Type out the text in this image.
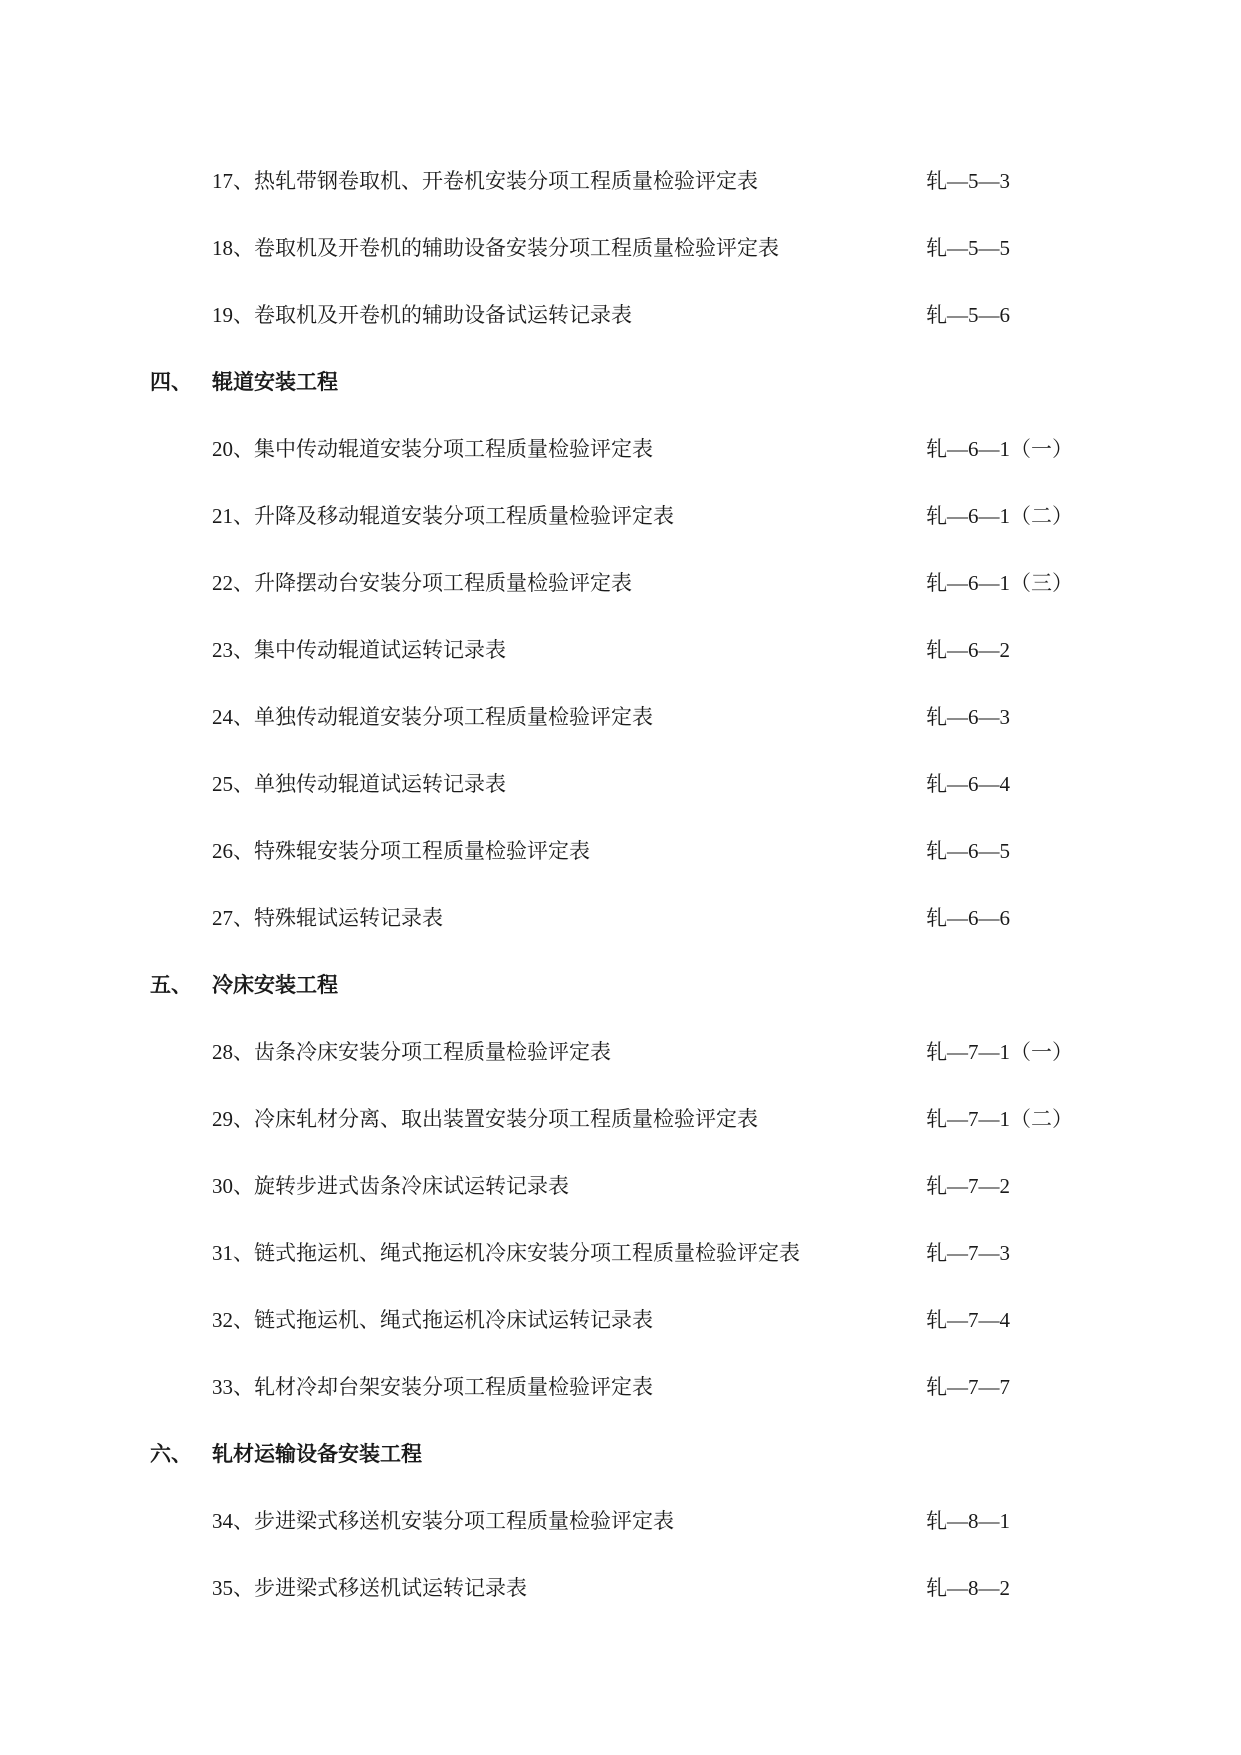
17、热轧带钢卷取机、开卷机安装分项工程质量检验评定表	轧—5—3
18、卷取机及开卷机的辅助设备安装分项工程质量检验评定表	轧—5—5
19、卷取机及开卷机的辅助设备试运转记录表	轧—5—6
四、 辊道安装工程
20、集中传动辊道安装分项工程质量检验评定表	轧—6—1（一）
21、升降及移动辊道安装分项工程质量检验评定表	轧—6—1（二）
22、升降摆动台安装分项工程质量检验评定表	轧—6—1（三）
23、集中传动辊道试运转记录表	轧—6—2
24、单独传动辊道安装分项工程质量检验评定表	轧—6—3
25、单独传动辊道试运转记录表	轧—6—4
26、特殊辊安装分项工程质量检验评定表	轧—6—5
27、特殊辊试运转记录表	轧—6—6
五、 冷床安装工程
28、齿条冷床安装分项工程质量检验评定表	轧—7—1（一）
29、冷床轧材分离、取出装置安装分项工程质量检验评定表	轧—7—1（二）
30、旋转步进式齿条冷床试运转记录表	轧—7—2
31、链式拖运机、绳式拖运机冷床安装分项工程质量检验评定表	轧—7—3
32、链式拖运机、绳式拖运机冷床试运转记录表	轧—7—4
33、轧材冷却台架安装分项工程质量检验评定表	轧—7—7
六、 轧材运输设备安装工程
34、步进梁式移送机安装分项工程质量检验评定表	轧—8—1
35、步进梁式移送机试运转记录表	轧—8—2
